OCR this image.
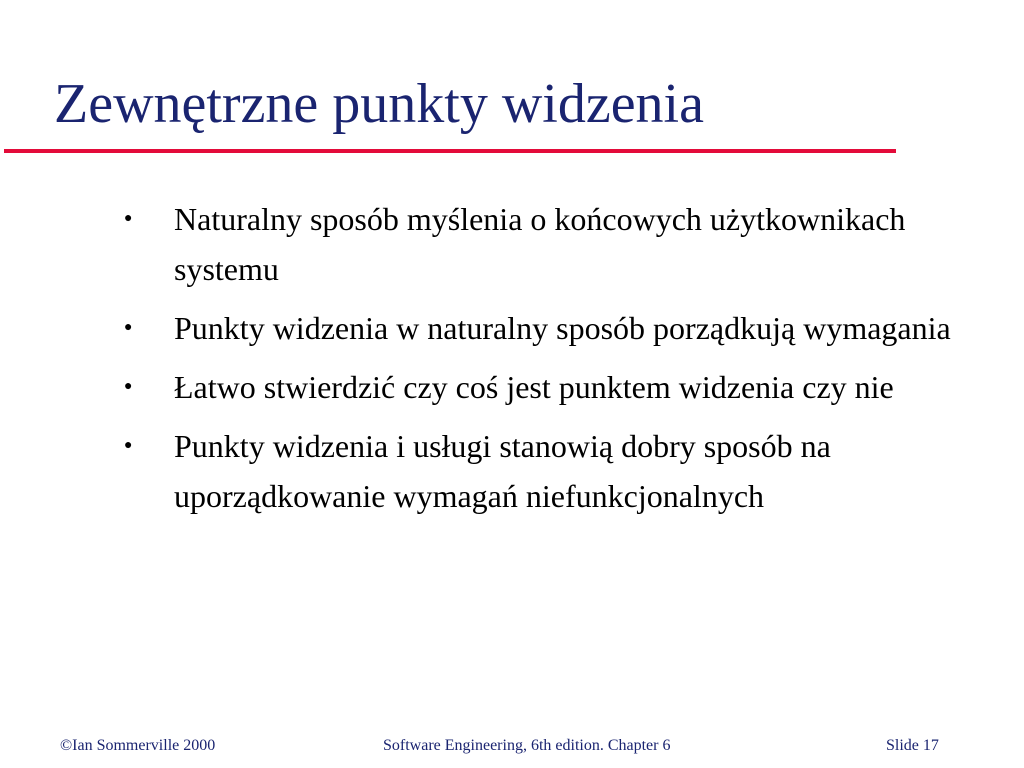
Zewnętrzne punkty widzenia
●	Naturalny sposób myślenia o końcowych użytkownikach systemu
●	Punkty widzenia w naturalny sposób porządkują wymagania
●	Łatwo stwierdzić czy coś jest punktem widzenia czy nie
●	Punkty widzenia i usługi stanowią dobry sposób na uporządkowanie wymagań niefunkcjonalnych
©Ian Sommerville 2000	Software Engineering, 6th edition. Chapter 6	Slide 17
